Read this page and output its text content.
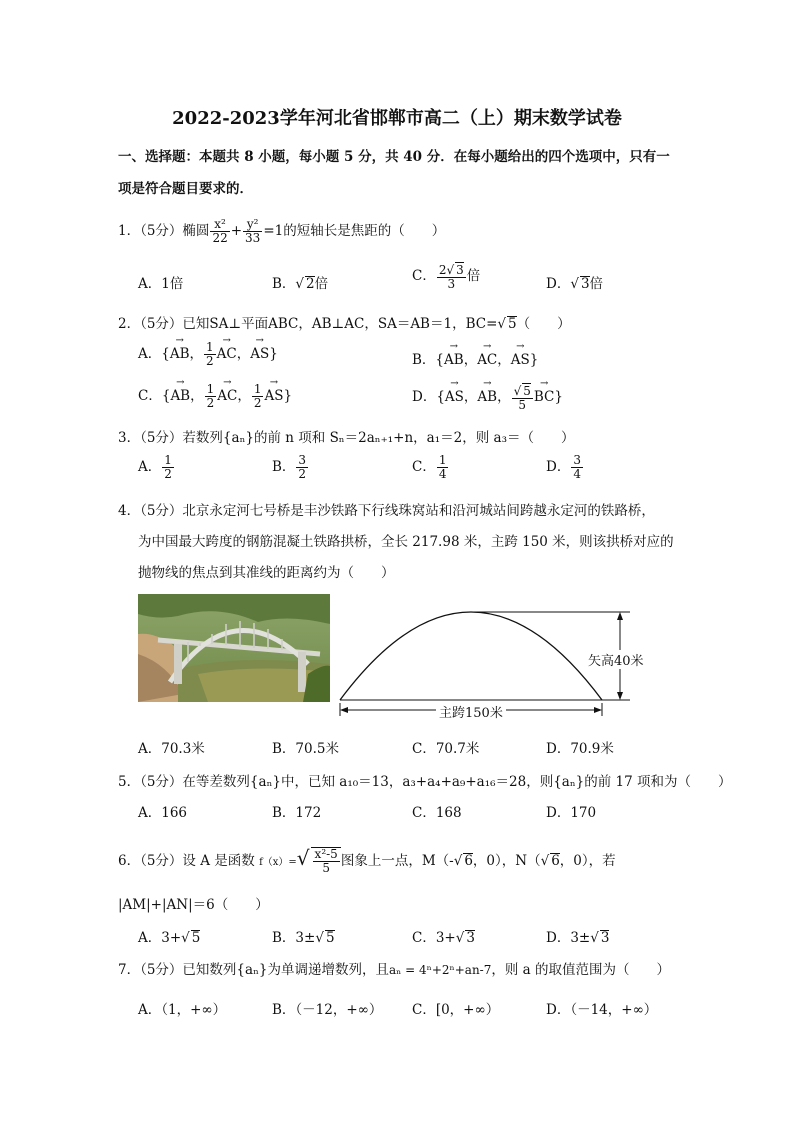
2022-2023学年河北省邯郸市高二（上）期末数学试卷
一、选择题：本题共 8 小题，每小题 5 分，共 40 分．在每小题给出的四个选项中，只有一
项是符合题目要求的．
1．（5分）椭圆 $\frac{\text{x²}}{22} + \frac{\text{y²}}{33} =1$的短轴长是焦距的（　　）
A．1倍	B．√ 2倍	C． $\frac{2√ 3}{3}$ 倍	D．√ 3倍
2．（5分）已知SA⊥平面ABC，AB⊥AC，SA＝AB＝1，BC=√ 5（　　）
A．{→ AB， $\frac{1}{2}$
→ AC，→ AS}	B．{→ AB，→ AC，→ AS}
C．{→ AB， $\frac{1}{2}$
→ AC， $\frac{1}{2}$
→ AS}	D．{→ AS，→ AB， $\frac{√ 5}{5}$
→ BC}
3．（5分）若数列{aₙ}的前 n 项和 Sₙ＝2aₙ₊₁+n，a₁＝2，则 a₃＝（　　）
A． $\frac{1}{2}$	B． $\frac{3}{2}$	C． $\frac{1}{4}$	D． $\frac{3}{4}$
4．（5分）北京永定河七号桥是丰沙铁路下行线珠窝站和沿河城站间跨越永定河的铁路桥，
为中国最大跨度的钢筋混凝土铁路拱桥，全长 217.98 米，主跨 150 米，则该拱桥对应的
抛物线的焦点到其准线的距离约为（　　）
矢高40米
主跨150米
A．70.3米	B．70.5米	C．70.7米	D．70.9米
5．（5分）在等差数列{aₙ}中，已知 a₁₀＝13，a₃+a₄+a₉+a₁₆＝28，则{aₙ}的前 17 项和为（　　）
A．166	B．172	C．168	D．170
6．（5分）设 A 是函数 $f(x)=√ \frac{\text{x²-5}}{5}$ 图象上一点，M（-√ 6，0），N（√ 6，0），若
|AM|+|AN|＝6（　　）
A．3+√ 5	B．3±√ 5	C．3+√ 3	D．3±√ 3
7．（5分）已知数列{aₙ}为单调递增数列，且aₙ = 4ⁿ+2ⁿ+an-7，则 a 的取值范围为（　　）
A．（1，+∞）	B．（－12，+∞） C．[0，+∞）	D．（－14，+∞）
